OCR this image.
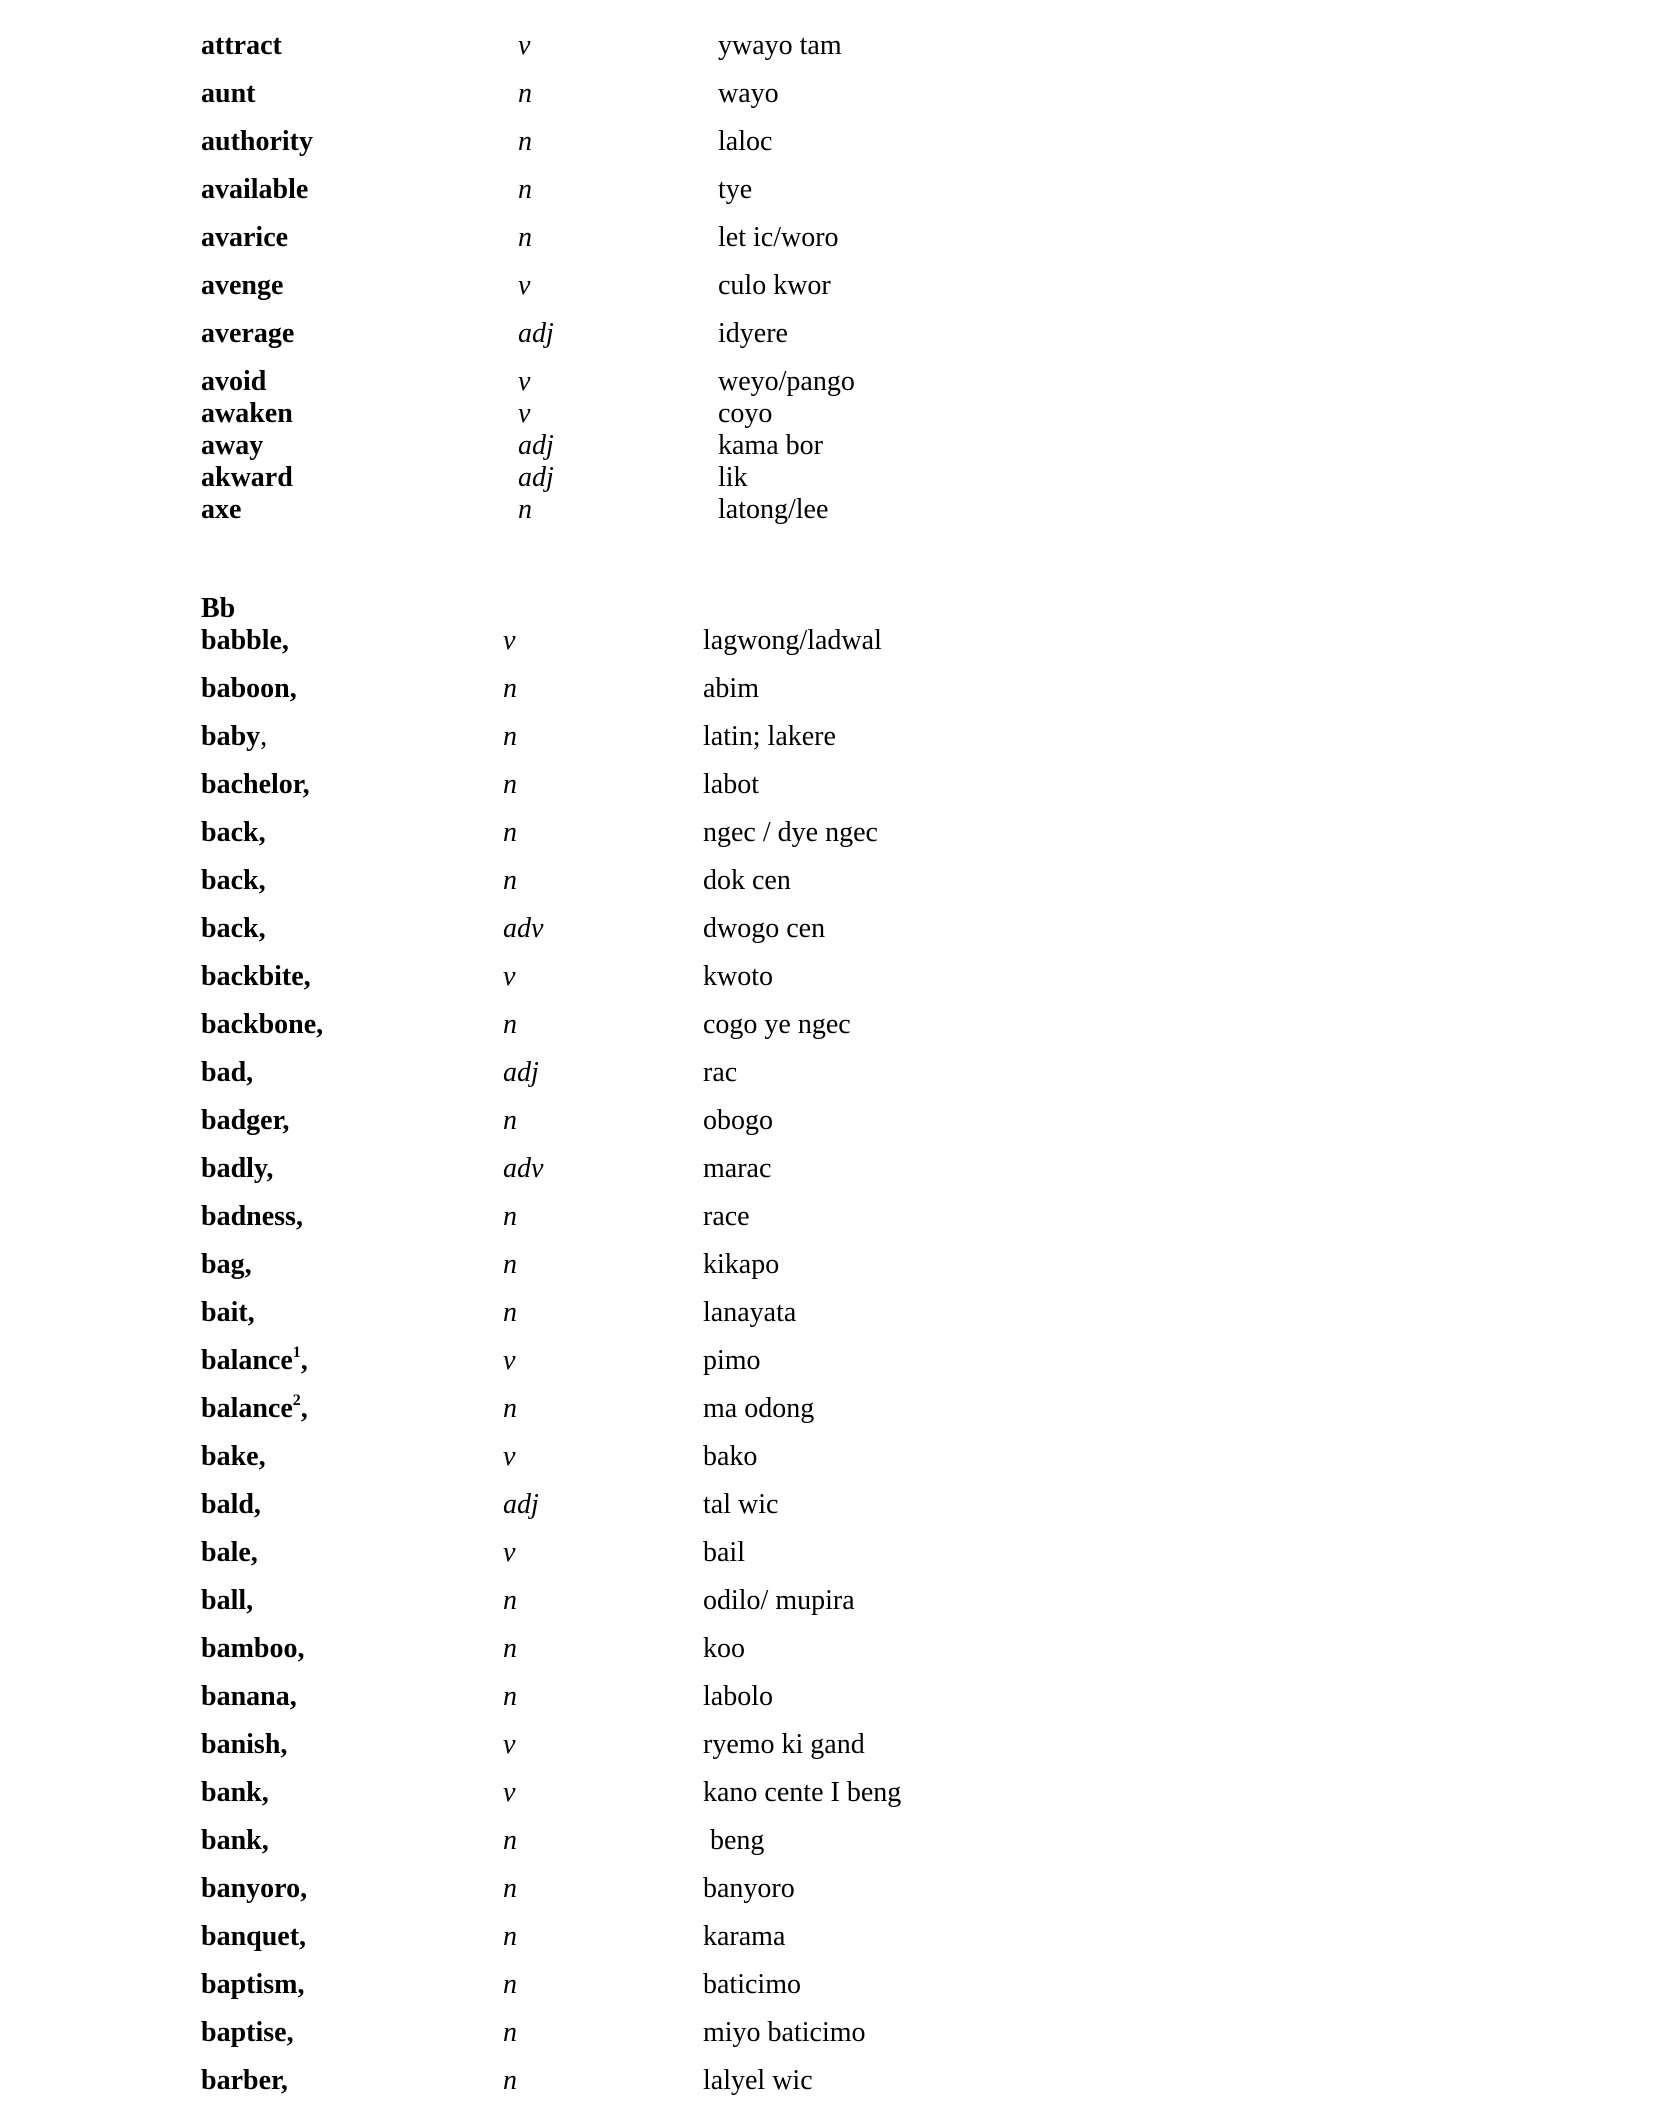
attract	v	ywayo tam
aunt	n	wayo
authority	n	laloc
available	n	tye
avarice	n	let ic/woro
avenge	v	culo kwor
average	adj	idyere
avoid	v	weyo/pango
awaken	v	coyo
away	adj	kama bor
akward	adj	lik
axe	n	latong/lee
Bb
babble,	v	lagwong/ladwal
baboon,	n	abim
baby,	n	latin; lakere
bachelor,	n	labot
back,	n	ngec / dye ngec
back,	n	dok cen
back,	adv	dwogo cen
backbite,	v	kwoto
backbone,	n	cogo ye ngec
bad,	adj	rac
badger,	n	obogo
badly,	adv	marac
badness,	n	race
bag,	n	kikapo
bait,	n	lanayata
balance$^1$,	v	pimo
balance$^2$,	n	ma odong
bake,	v	bako
bald,	adj	tal wic
bale,	v	bail
ball,	n	odilo/ mupira
bamboo,	n	koo
banana,	n	labolo
banish,	v	ryemo ki gand
bank,	v	kano cente I beng
bank,	n	beng
banyoro,	n	banyoro
banquet,	n	karama
baptism,	n	baticimo
baptise,	n	miyo baticimo
barber,	n	lalyel wic
